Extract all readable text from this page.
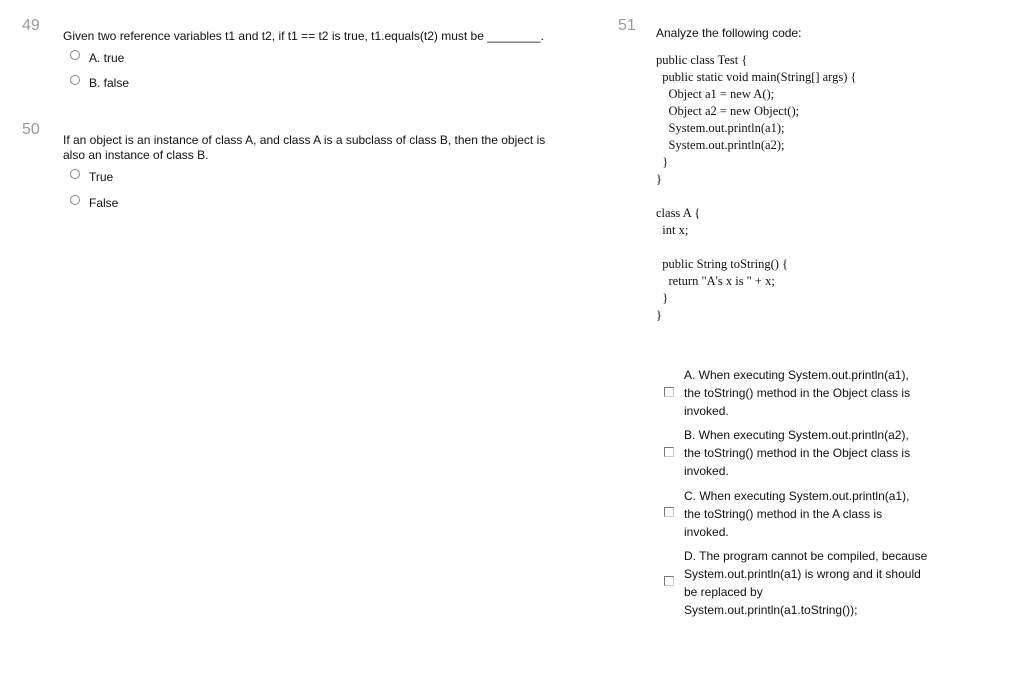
49
Given two reference variables t1 and t2, if t1 == t2 is true, t1.equals(t2) must be ________.
A. true
B. false
50
If an object is an instance of class A, and class A is a subclass of class B, then the object is
also an instance of class B.
True
False
51 Analyze the following code:
public class Test {
public static void main(String[] args) {
Object a1 = new A();
Object a2 = new Object();
System.out.println(a1);
System.out.println(a2);
}
}
class A {
int x;
public String toString() {
return "A's x is " + x;
}
}
A. When executing System.out.println(a1),
the toString() method in the Object class is
invoked.
B. When executing System.out.println(a2),
the toString() method in the Object class is
invoked.
C. When executing System.out.println(a1),
the toString() method in the A class is
invoked.
D. The program cannot be compiled, because
System.out.println(a1) is wrong and it should
be replaced by
System.out.println(a1.toString());
